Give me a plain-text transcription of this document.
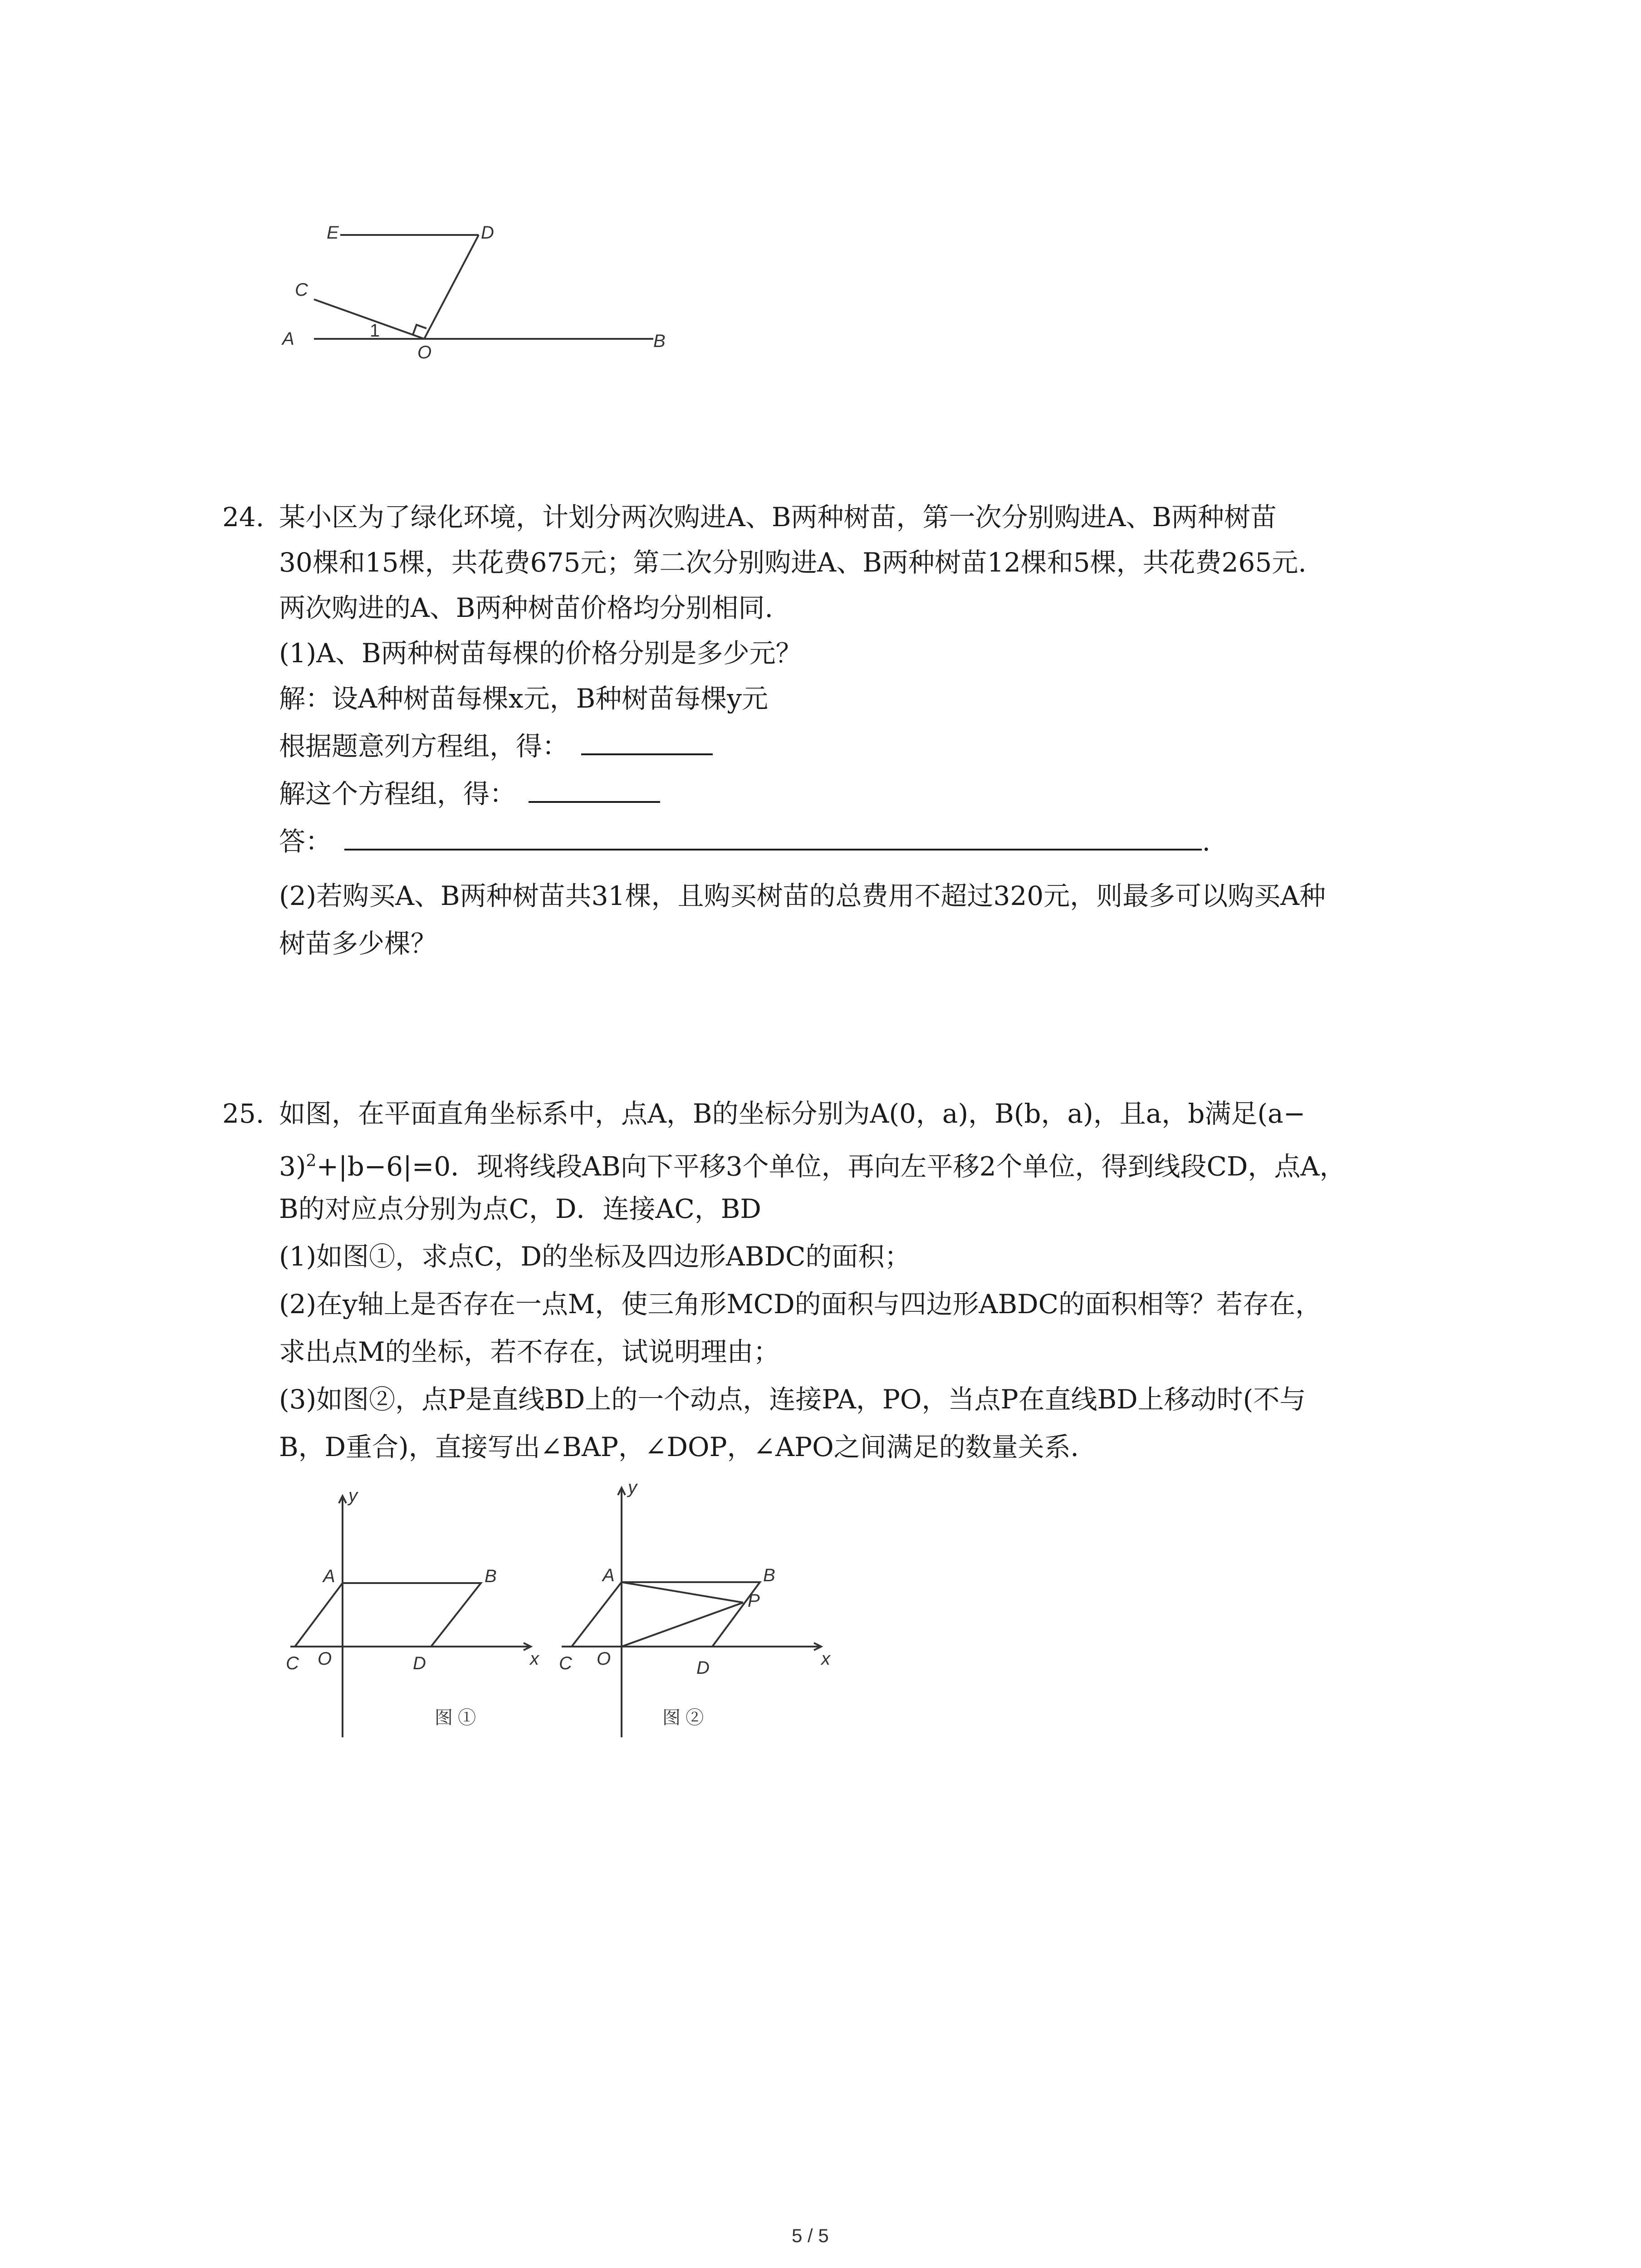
E	D
C
A	1
O
B
24. 某小区为了绿化环境，计划分两次购进A、B两种树苗，第一次分别购进A、B两种树苗
30棵和15棵，共花费675元；第二次分别购进A、B两种树苗12棵和5棵，共花费265元.
两次购进的A、B两种树苗价格均分别相同.
(1)A、B两种树苗每棵的价格分别是多少元？
解：设A种树苗每棵x元，B种树苗每棵y元
根据题意列方程组，得：
解这个方程组，得：
答：	.
(2)若购买A、B两种树苗共31棵，且购买树苗的总费用不超过320元，则最多可以购买A种
树苗多少棵？
25. 如图，在平面直角坐标系中，点A，B的坐标分别为A(0，a)，B(b，a)，且a，b满足(a−
3)$^2$+|b−6|=0．现将线段AB向下平移3个单位，再向左平移2个单位，得到线段CD，点A，
B的对应点分别为点C，D．连接AC，BD
(1)如图①，求点C，D的坐标及四边形ABDC的面积；
(2)在y轴上是否存在一点M，使三角形MCD的面积与四边形ABDC的面积相等？若存在，
求出点M的坐标，若不存在，试说明理由；
(3)如图②，点P是直线BD上的一个动点，连接PA，PO，当点P在直线BD上移动时(不与
B，D重合)，直接写出∠BAP，∠DOP，∠APO之间满足的数量关系．
y
x
A	B
C O	D
图 ①
y
x
A	B
P
C O	D
图 ②
5 / 5
